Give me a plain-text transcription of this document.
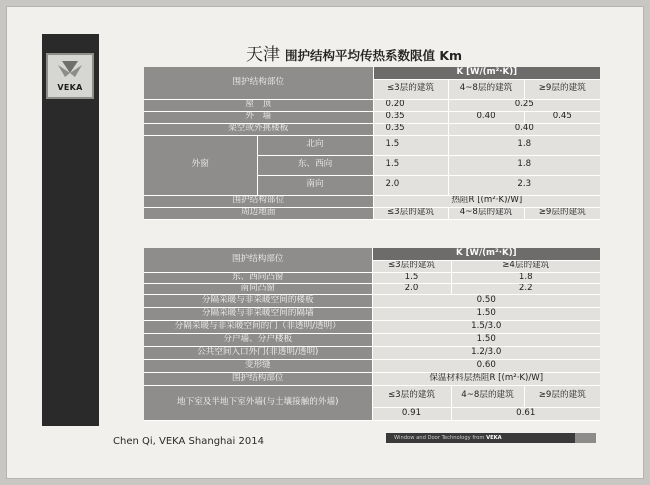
VEKA
天津 围护结构平均传热系数限值 Km
围护结构部位		K [W/(m²·K)]		
		≤3层的建筑	4~8层的建筑	≥9层的建筑
屋　顶		0.20	0.25	
外　墙		0.35	0.40	0.45
架空或外挑楼板		0.35	0.40	
外窗	北向	1.5	1.8	
	东、西向	1.5	1.8	
	南向	2.0	2.3	
围护结构部位		热阻R [(m²·K)/W]		
周边地面		≤3层的建筑	4~8层的建筑	≥9层的建筑
围护结构部位	K [W/(m²·K)]		
	≤3层的建筑	≥4层的建筑	
东、西向凸窗	1.5	1.8	
南向凸窗	2.0	2.2	
分隔采暖与非采暖空间的楼板	0.50		
分隔采暖与非采暖空间的隔墙	1.50		
分隔采暖与非采暖空间的门（非透明/透明）	1.5/3.0		
分户墙、分户楼板	1.50		
公共空间入口外门(非透明/透明)	1.2/3.0		
变形缝	0.60		
围护结构部位	保温材料层热阻R [(m²·K)/W]		
地下室及半地下室外墙(与土壤接触的外墙)	≤3层的建筑	4~8层的建筑	≥9层的建筑
	0.91	0.61	
Chen Qi, VEKA Shanghai 2014	Window and Door Technology from VEKA
